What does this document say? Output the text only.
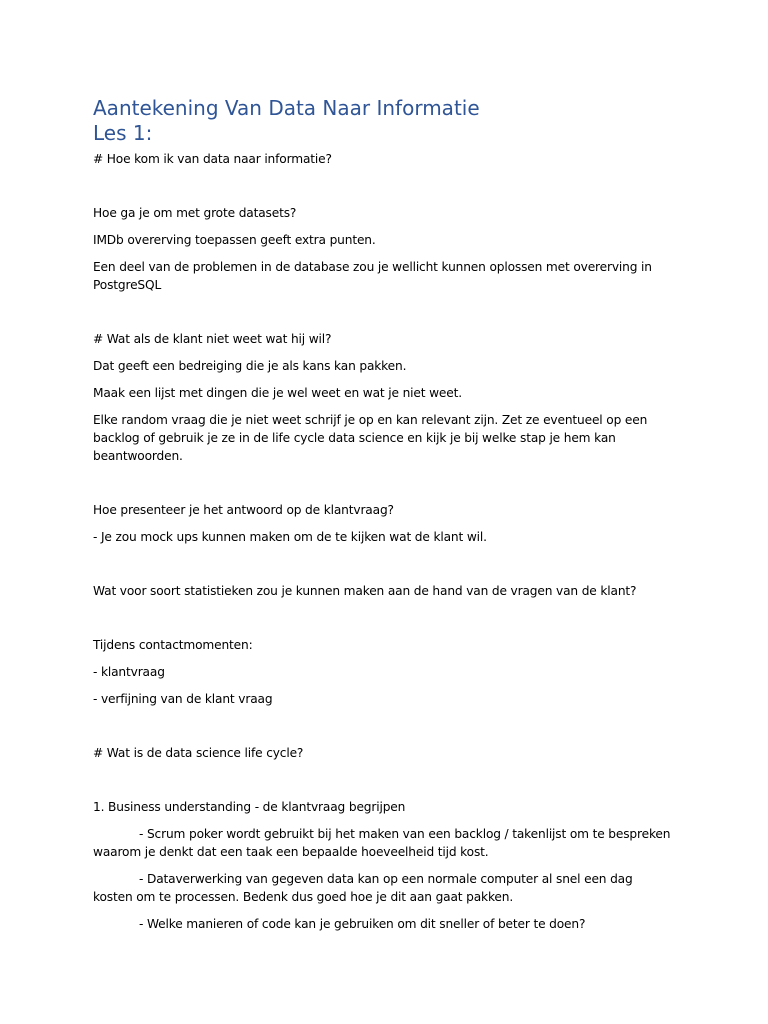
Aantekening Van Data Naar Informatie
Les 1:
# Hoe kom ik van data naar informatie?
Hoe ga je om met grote datasets?
IMDb overerving toepassen geeft extra punten.
Een deel van de problemen in de database zou je wellicht kunnen oplossen met overerving in PostgreSQL
# Wat als de klant niet weet wat hij wil?
Dat geeft een bedreiging die je als kans kan pakken.
Maak een lijst met dingen die je wel weet en wat je niet weet.
Elke random vraag die je niet weet schrijf je op en kan relevant zijn. Zet ze eventueel op een backlog of gebruik je ze in de life cycle data science en kijk je bij welke stap je hem kan beantwoorden.
Hoe presenteer je het antwoord op de klantvraag?
- Je zou mock ups kunnen maken om de te kijken wat de klant wil.
Wat voor soort statistieken zou je kunnen maken aan de hand van de vragen van de klant?
Tijdens contactmomenten:
- klantvraag
- verfijning van de klant vraag
# Wat is de data science life cycle?
1. Business understanding - de klantvraag begrijpen
- Scrum poker wordt gebruikt bij het maken van een backlog / takenlijst om te bespreken waarom je denkt dat een taak een bepaalde hoeveelheid tijd kost.
- Dataverwerking van gegeven data kan op een normale computer al snel een dag kosten om te processen. Bedenk dus goed hoe je dit aan gaat pakken.
- Welke manieren of code kan je gebruiken om dit sneller of beter te doen?
